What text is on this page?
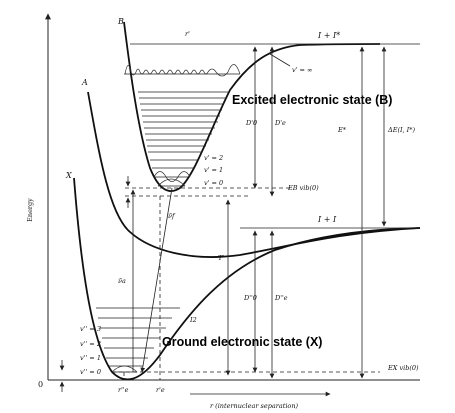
Energy
0
r (internuclear separation)
B
A
X
I + I*
I + I
v' = ∞
r'
v' = 2
v' = 1
v' = 0
EB vib(0)
Excited electronic state (B)
D'0	D'e
E*	ΔE(I, I*)
T'
D''0	D''e
ν̃a
ν̃f
v'' = 3
v'' = 2
v'' = 1
v'' = 0
I2
Ground electronic state (X)
EX vib(0)
r''e	r'e
